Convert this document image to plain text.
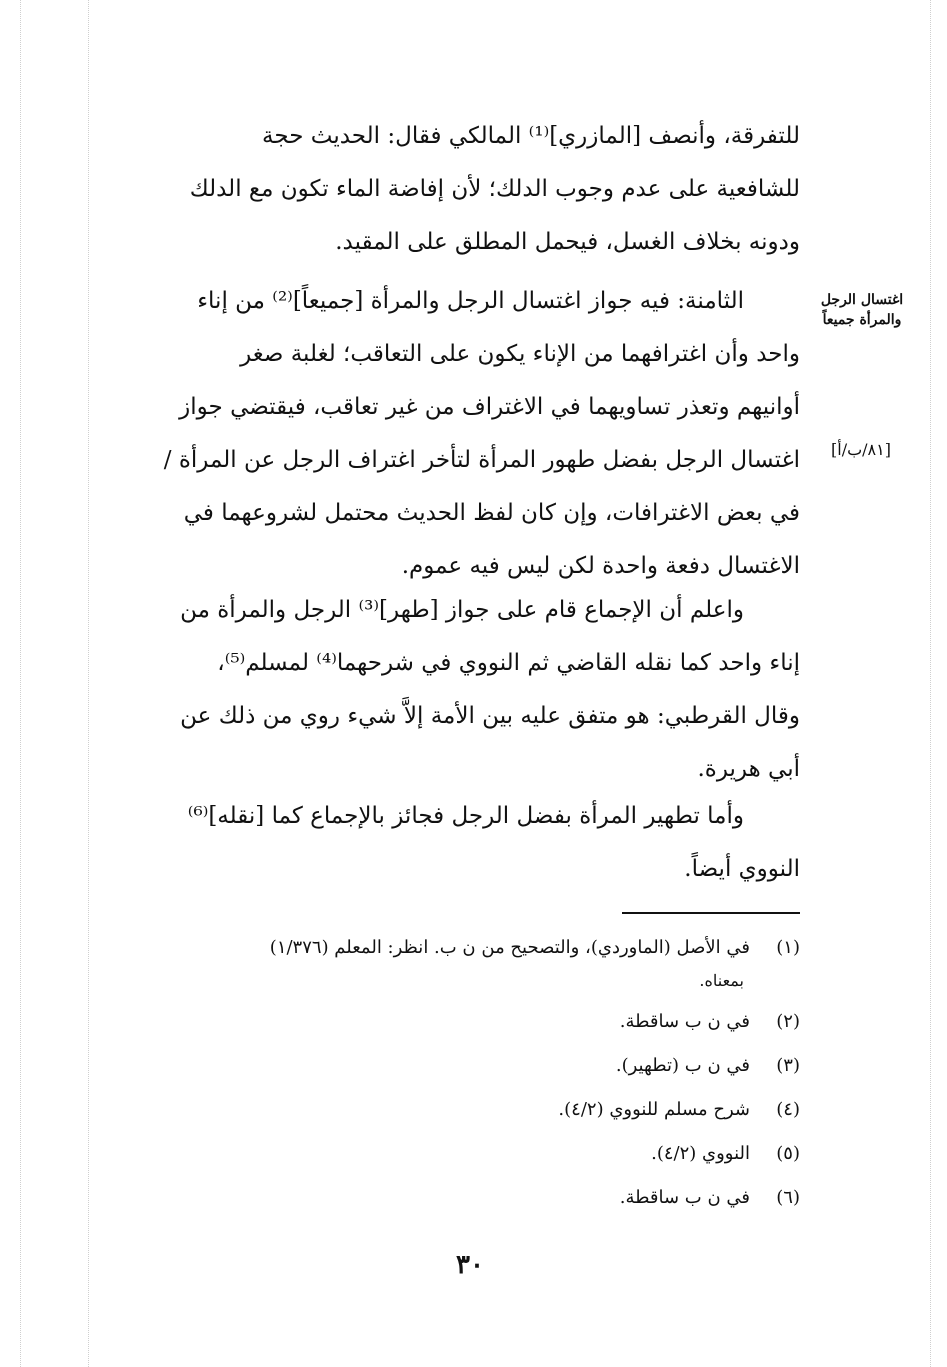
للتفرقة، وأنصف [المازري]⁽¹⁾ المالكي فقال: الحديث حجة
للشافعية على عدم وجوب الدلك؛ لأن إفاضة الماء تكون مع الدلك
ودونه بخلاف الغسل، فيحمل المطلق على المقيد.
الثامنة: فيه جواز اغتسال الرجل والمرأة [جميعاً]⁽²⁾ من إناء
واحد وأن اغترافهما من الإناء يكون على التعاقب؛ لغلبة صغر
أوانيهم وتعذر تساويهما في الاغتراف من غير تعاقب، فيقتضي جواز
اغتسال الرجل بفضل طهور المرأة لتأخر اغتراف الرجل عن المرأة /
في بعض الاغترافات، وإن كان لفظ الحديث محتمل لشروعهما في
الاغتسال دفعة واحدة لكن ليس فيه عموم.
واعلم أن الإجماع قام على جواز [طهر]⁽³⁾ الرجل والمرأة من
إناء واحد كما نقله القاضي ثم النووي في شرحهما⁽⁴⁾ لمسلم⁽⁵⁾،
وقال القرطبي: هو متفق عليه بين الأمة إلاَّ شيء روي من ذلك عن
أبي هريرة.
وأما تطهير المرأة بفضل الرجل فجائز بالإجماع كما [نقله]⁽⁶⁾
النووي أيضاً.
اغتسال الرجل والمرأة جميعاً
[٨١/ب/أ]
(١)في الأصل (الماوردي)، والتصحيح من ن ب. انظر: المعلم (١/٣٧٦)
بمعناه.
(٢)في ن ب ساقطة.
(٣)في ن ب (تطهير).
(٤)شرح مسلم للنووي (٤/٢).
(٥)النووي (٤/٢).
(٦)في ن ب ساقطة.
٣٠
